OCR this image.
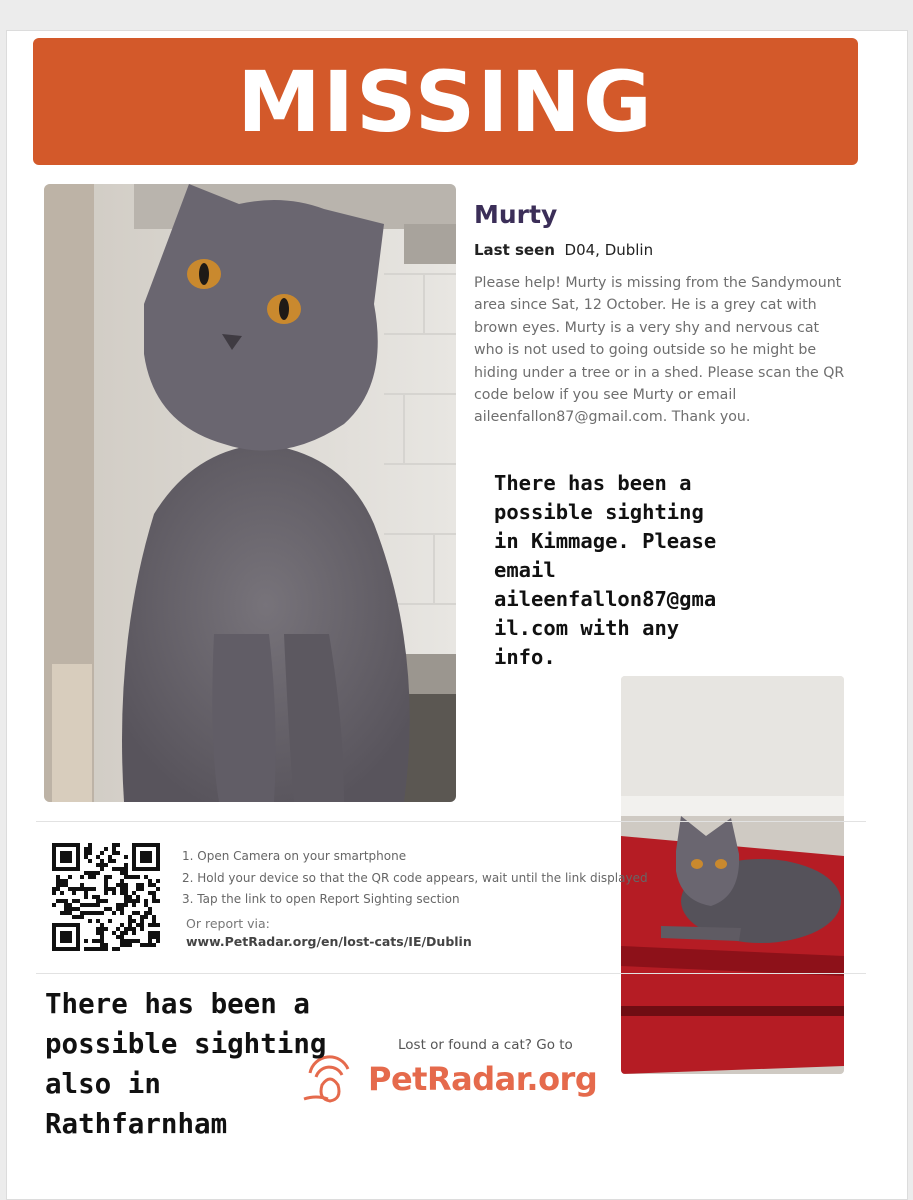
MISSING
Murty
Last seen D04, Dublin
Please help! Murty is missing from the Sandymount area since Sat, 12 October. He is a grey cat with brown eyes. Murty is a very shy and nervous cat who is not used to going outside so he might be hiding under a tree or in a shed. Please scan the QR code below if you see Murty or email aileenfallon87@gmail.com. Thank you.
There has been a
possible sighting
in Kimmage. Please
email
aileenfallon87@gma
il.com with any
info.
1. Open Camera on your smartphone
2. Hold your device so that the QR code appears, wait until the link displayed
3. Tap the link to open Report Sighting section
Or report via:
www.PetRadar.org/en/lost-cats/IE/Dublin
Lost or found a cat? Go to
PetRadar.org
There has been a
possible sighting
also in
Rathfarnham
